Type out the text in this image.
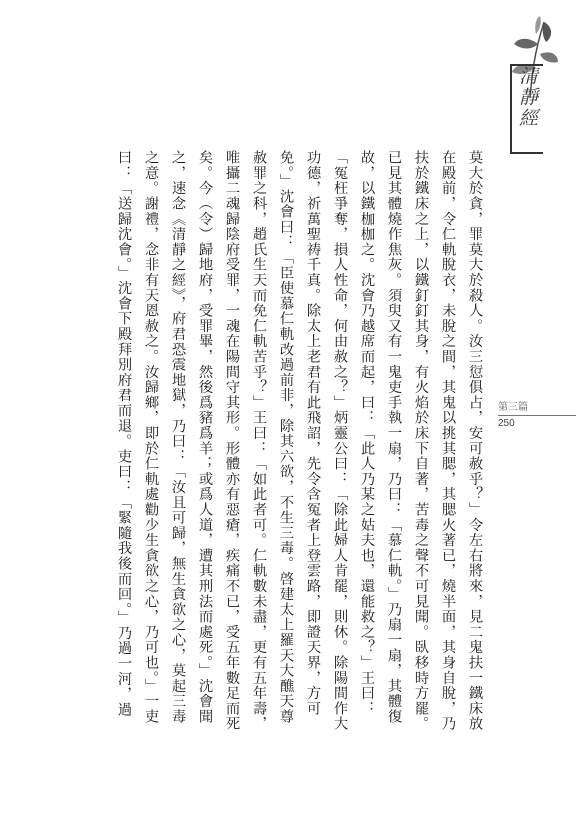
清靜經
第三篇
250
莫大於貪，罪莫大於殺人。汝三愆俱占，安可赦乎？」令左右將來，見二鬼扶一鐵床放
在殿前，令仁軌脫衣，未脫之間，其鬼以挑其腮，其腮火著已，燒半面，其身自脫，乃
扶於鐵床之上，以鐵釘釘其身，有火焰於床下自著，苦毒之聲不可見聞。臥移時方罷。
已見其體燒作焦灰。須臾又有一鬼吏手執一扇，乃曰：「慕仁軌。」乃扇一扇，其體復
故，以鐵枷枷之。沈會乃越席而起，曰：「此人乃某之姑夫也，還能救之？」王曰：
「冤枉爭奪，損人性命，何由赦之？」炳靈公曰：「除此婦人肯罷，則休。除陽間作大
功德，祈萬聖祷千真。除太上老君有此飛詔，先令含冤者上登雲路，即證天界，方可
免。」沈會曰：「臣使慕仁軌改過前非，除其六欲，不生三毒。啓建太上羅天大醮天尊
赦罪之科，趙氏生天而免仁軌苦乎？」王曰：「如此者可。仁軌數未盡，更有五年壽，
唯攝二魂歸陰府受罪，一魂在陽間守其形。形體亦有惡瘡，疾痛不已，受五年數足而死
矣。今（令）歸地府，受罪畢，然後爲豬爲羊；或爲人道，遭其刑法而處死。」沈會聞
之，速念《清靜之經》，府君恐震地獄，乃曰：「汝且可歸，無生貪欲之心，莫起三毒
之意。謝禮，念非有天恩赦之。汝歸鄉，即於仁軌處勸少生貪欲之心，乃可也。」一吏
曰：「送歸沈會。」沈會下殿拜別府君而退。吏曰：「緊隨我後而回。」乃過一河，過
